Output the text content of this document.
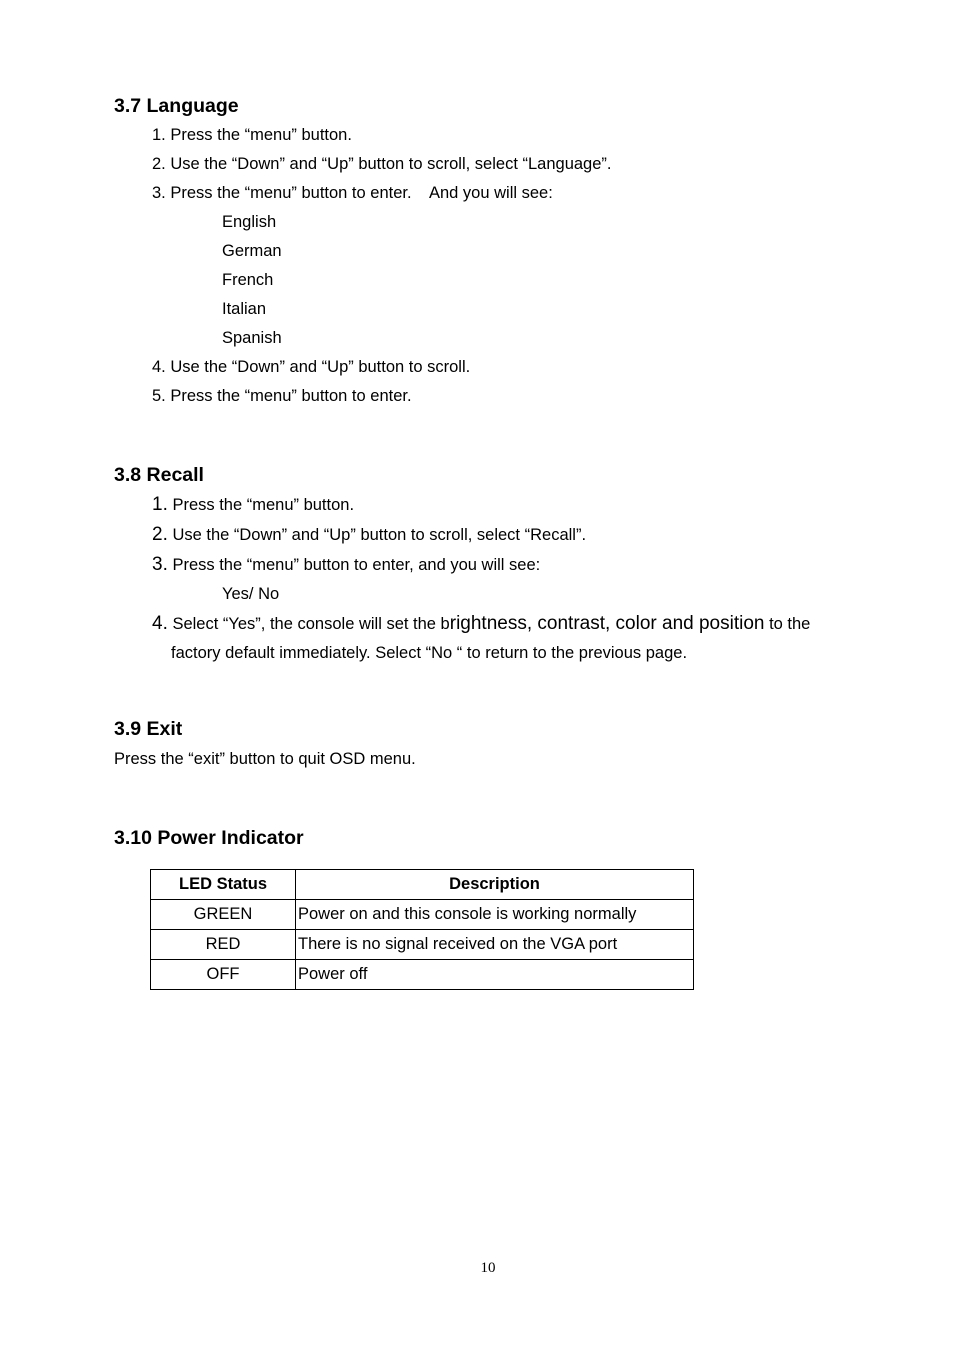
3.7 Language
1. Press the “menu” button.
2. Use the “Down” and “Up” button to scroll, select “Language”.
3. Press the “menu” button to enter.    And you will see:
English
German
French
Italian
Spanish
4. Use the “Down” and “Up” button to scroll.
5. Press the “menu” button to enter.
3.8 Recall
1. Press the “menu” button.
2. Use the “Down” and “Up” button to scroll, select “Recall”.
3. Press the “menu” button to enter, and you will see:
Yes/ No
4. Select “Yes”, the console will set the brightness, contrast, color and position to the
factory default immediately. Select “No “ to return to the previous page.
3.9 Exit

Press the “exit” button to quit OSD menu.

3.10 Power Indicator
LED Status	Description
GREEN	Power on and this console is working normally
RED	There is no signal received on the VGA port
OFF	Power off
10
